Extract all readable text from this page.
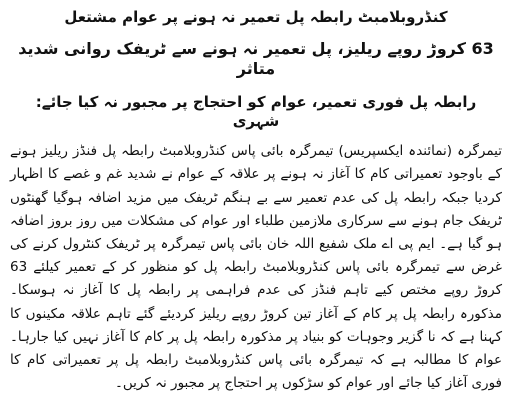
کنڈروبلامبٹ رابطہ پل تعمیر نہ ہونے پر عوام مشتعل

63 کروڑ روپے ریلیز، پل تعمیر نہ ہونے سے ٹریفک روانی شدید متاثر

رابطہ پل فوری تعمیر، عوام کو احتجاج پر مجبور نہ کیا جائے: شہری

تیمرگرہ (نمائندہ ایکسپریس) تیمرگرہ بائی پاس کنڈروبلامبٹ رابطہ پل فنڈز ریلیز ہونے کے باوجود تعمیراتی کام کا آغاز نہ ہونے پر علاقہ کے عوام نے شدید غم و غصے کا اظہار کردیا جبکہ رابطہ پل کی عدم تعمیر سے بے ہنگم ٹریفک میں مزید اضافہ ہوگیا گھنٹوں ٹریفک جام ہونے سے سرکاری ملازمین طلباء اور عوام کی مشکلات میں روز بروز اضافہ ہو گیا ہے۔ ایم پی اے ملک شفیع اللہ خان بائی پاس تیمرگرہ پر ٹریفک کنٹرول کرنے کی غرض سے تیمرگرہ بائی پاس کنڈروبلامبٹ رابطہ پل کو منظور کر کے تعمیر کیلئے 63 کروڑ روپے مختص کیے تاہم فنڈز کی عدم فراہمی پر رابطہ پل کا آغاز نہ ہوسکا۔ مذکورہ رابطہ پل پر کام کے آغاز تین کروڑ روپے ریلیز کردیئے گئے تاہم علاقہ مکینوں کا کہنا ہے کہ نا گزیر وجوہات کو بنیاد پر مذکورہ رابطہ پل پر کام کا آغاز نہیں کیا جارہا۔ عوام کا مطالبہ ہے کہ تیمرگرہ بائی پاس کنڈروبلامبٹ رابطہ پل پر تعمیراتی کام کا فوری آغاز کیا جائے اور عوام کو سڑکوں پر احتجاج پر مجبور نہ کریں۔
